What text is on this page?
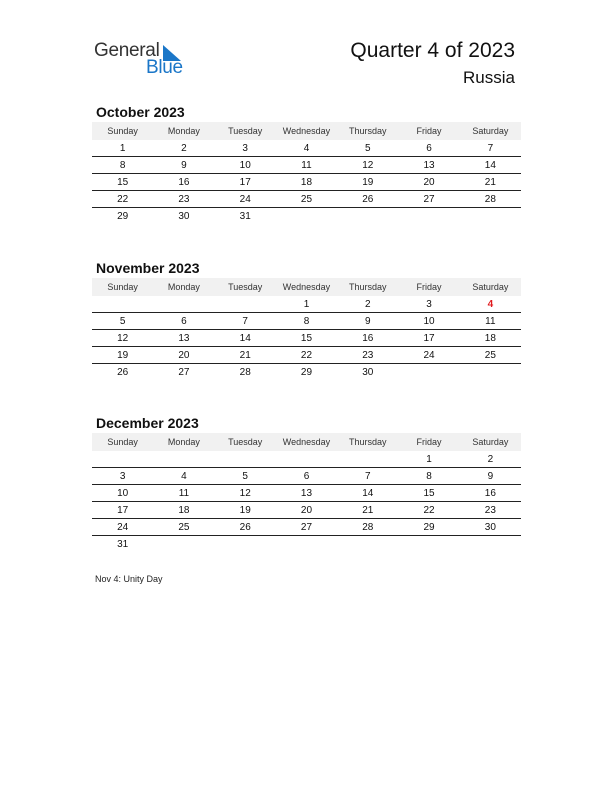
General
Blue
Quarter 4 of 2023
Russia
October 2023
Sunday	Monday	Tuesday	Wednesday	Thursday	Friday	Saturday
1	2	3	4	5	6	7
8	9	10	11	12	13	14
15	16	17	18	19	20	21
22	23	24	25	26	27	28
29	30	31				
November 2023
Sunday	Monday	Tuesday	Wednesday	Thursday	Friday	Saturday
			1	2	3	4
5	6	7	8	9	10	11
12	13	14	15	16	17	18
19	20	21	22	23	24	25
26	27	28	29	30		
December 2023
Sunday	Monday	Tuesday	Wednesday	Thursday	Friday	Saturday
					1	2
3	4	5	6	7	8	9
10	11	12	13	14	15	16
17	18	19	20	21	22	23
24	25	26	27	28	29	30
31						
Nov 4: Unity Day
